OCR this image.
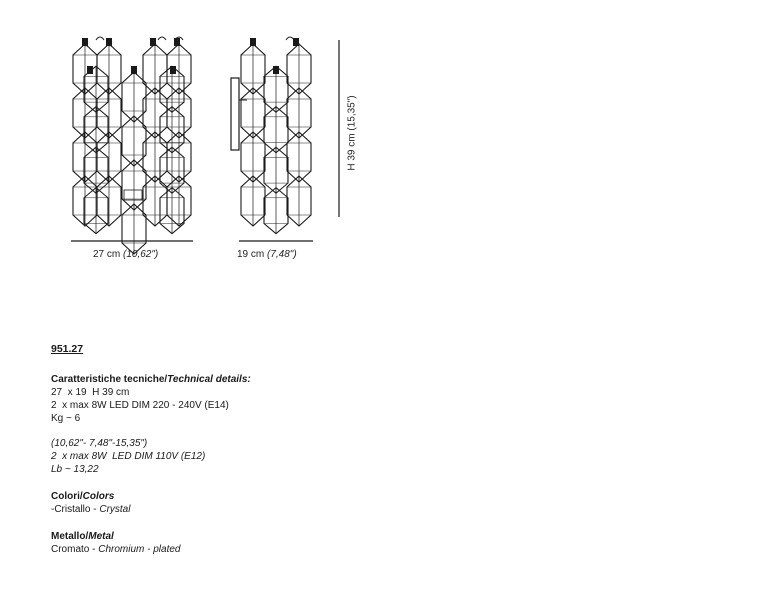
27 cm (10,62")	19 cm (7,48")
H 39 cm (15,35")
951.27
Caratteristiche tecniche/Technical details:
27  x 19  H 39 cm
2  x max 8W LED DIM 220 - 240V (E14)
Kg ~ 6
(10,62"- 7,48"-15,35")
2  x max 8W  LED DIM 110V (E12)
Lb ~ 13,22
Colori/Colors
-Cristallo - Crystal
Metallo/Metal
Cromato - Chromium - plated
